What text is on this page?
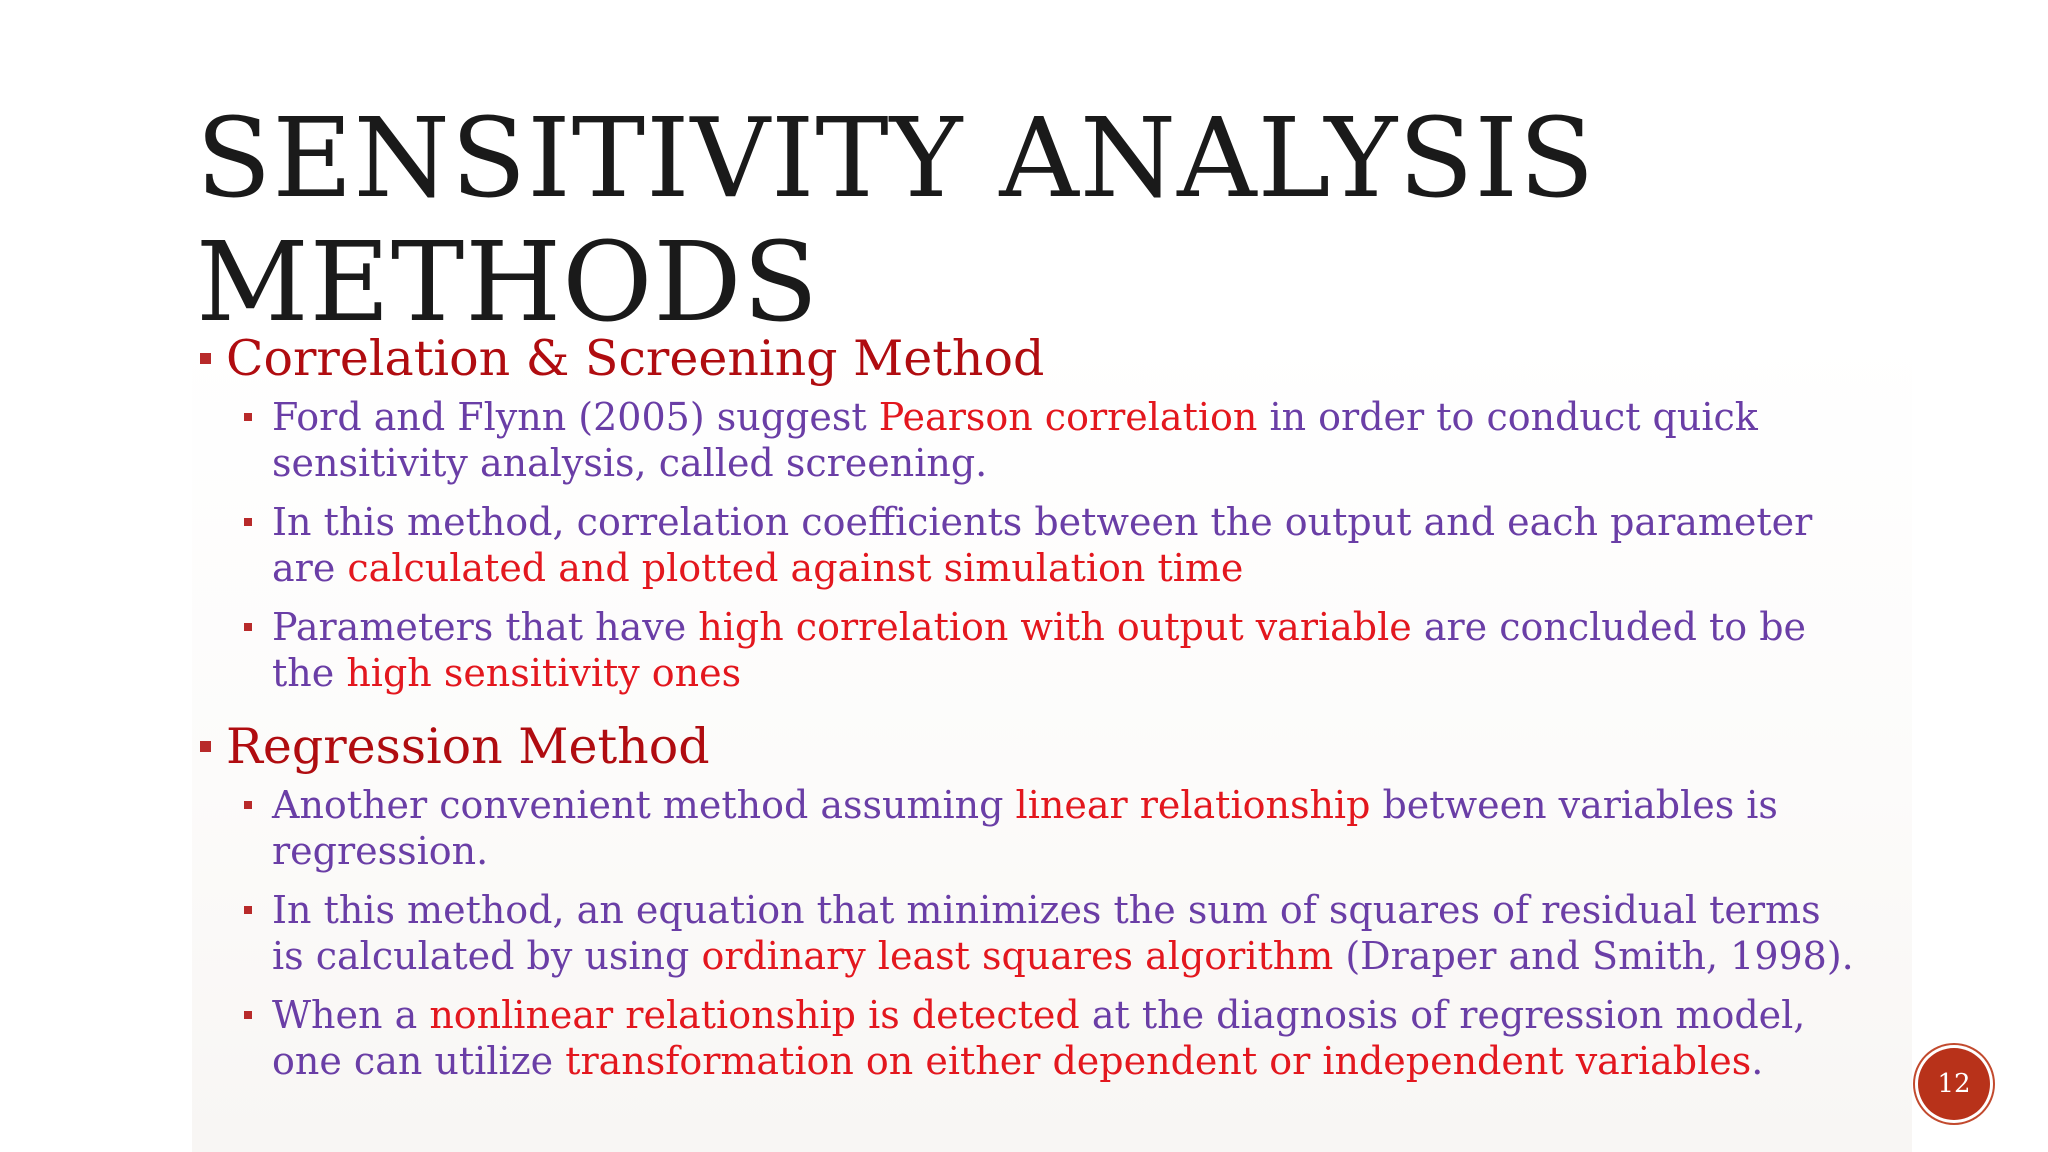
SENSITIVITY ANALYSIS
METHODS
Correlation & Screening Method
Ford and Flynn (2005) suggest Pearson correlation in order to conduct quick
sensitivity analysis, called screening.
In this method, correlation coefficients between the output and each parameter
are calculated and plotted against simulation time
Parameters that have high correlation with output variable are concluded to be
the high sensitivity ones
Regression Method
Another convenient method assuming linear relationship between variables is
regression.
In this method, an equation that minimizes the sum of squares of residual terms
is calculated by using ordinary least squares algorithm (Draper and Smith, 1998).
When a nonlinear relationship is detected at the diagnosis of regression model,
one can utilize transformation on either dependent or independent variables.
12
